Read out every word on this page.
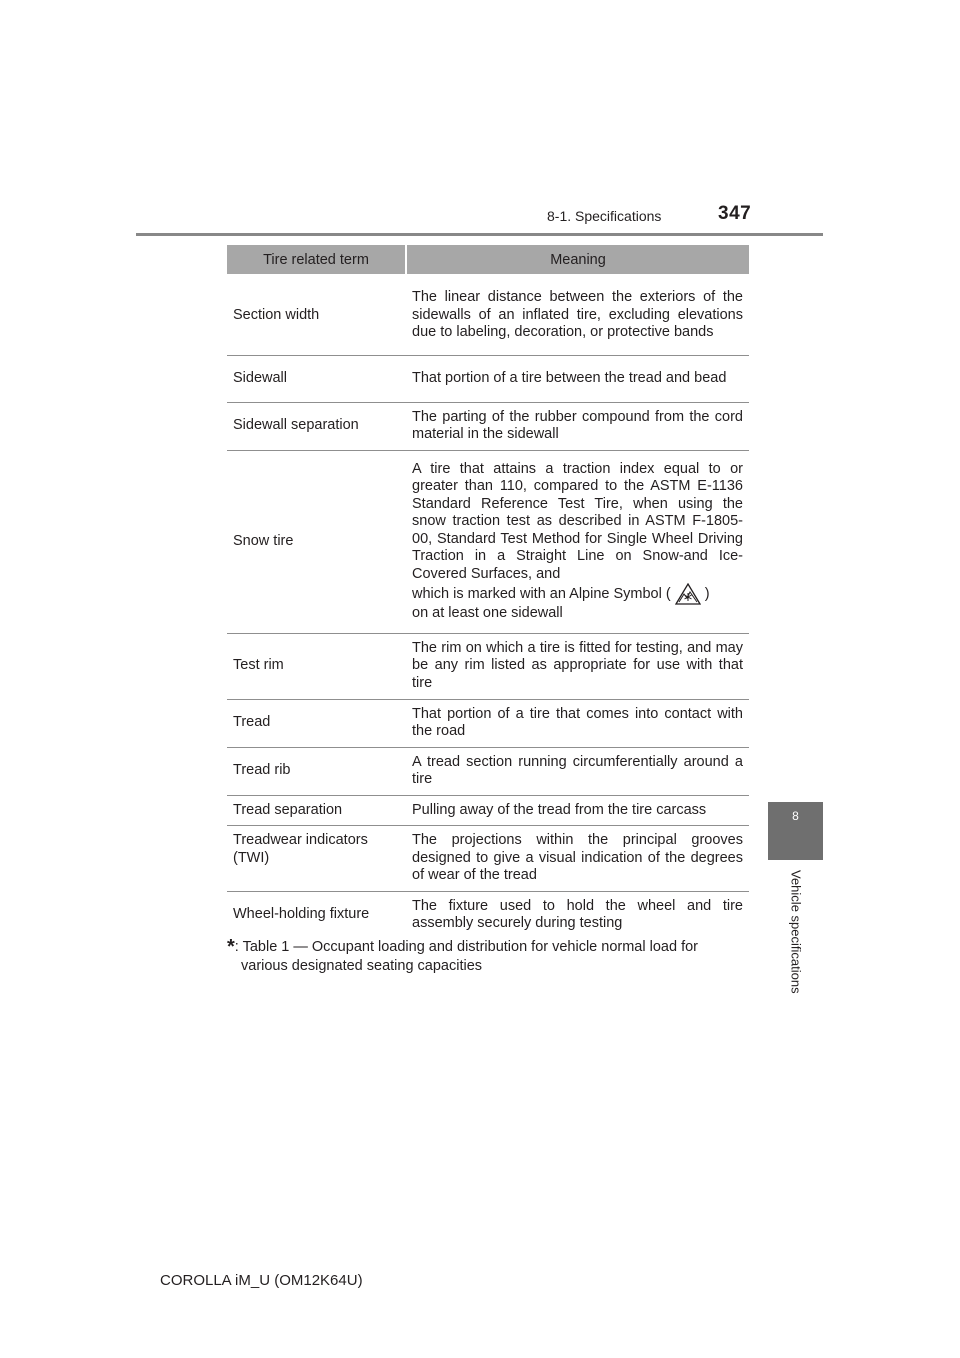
8-1. Specifications	347
8
Vehicle specifications
Tire related term	Meaning
Section width	The linear distance between the exteriors of the sidewalls of an inflated tire, excluding elevations due to labeling, decoration, or protective bands
Sidewall	That portion of a tire between the tread and bead
Sidewall separation	The parting of the rubber compound from the cord material in the sidewall
Snow tire	A tire that attains a traction index equal to or greater than 110, compared to the ASTM E-1136 Standard Reference Test Tire, when using the snow traction test as described in ASTM F-1805-00, Standard Test Method for Single Wheel Driving Traction in a Straight Line on Snow-and Ice-Covered Surfaces, and
which is marked with an Alpine Symbol ( )
on at least one sidewall
Test rim	The rim on which a tire is fitted for testing, and may be any rim listed as appropriate for use with that tire
Tread	That portion of a tire that comes into contact with the road
Tread rib	A tread section running circumferentially around a tire
Tread separation	Pulling away of the tread from the tire carcass
Treadwear indicators (TWI)	The projections within the principal grooves designed to give a visual indication of the degrees of wear of the tread
Wheel-holding fixture	The fixture used to hold the wheel and tire assembly securely during testing
*: Table 1 — Occupant loading and distribution for vehicle normal load for
various designated seating capacities
COROLLA iM_U (OM12K64U)
